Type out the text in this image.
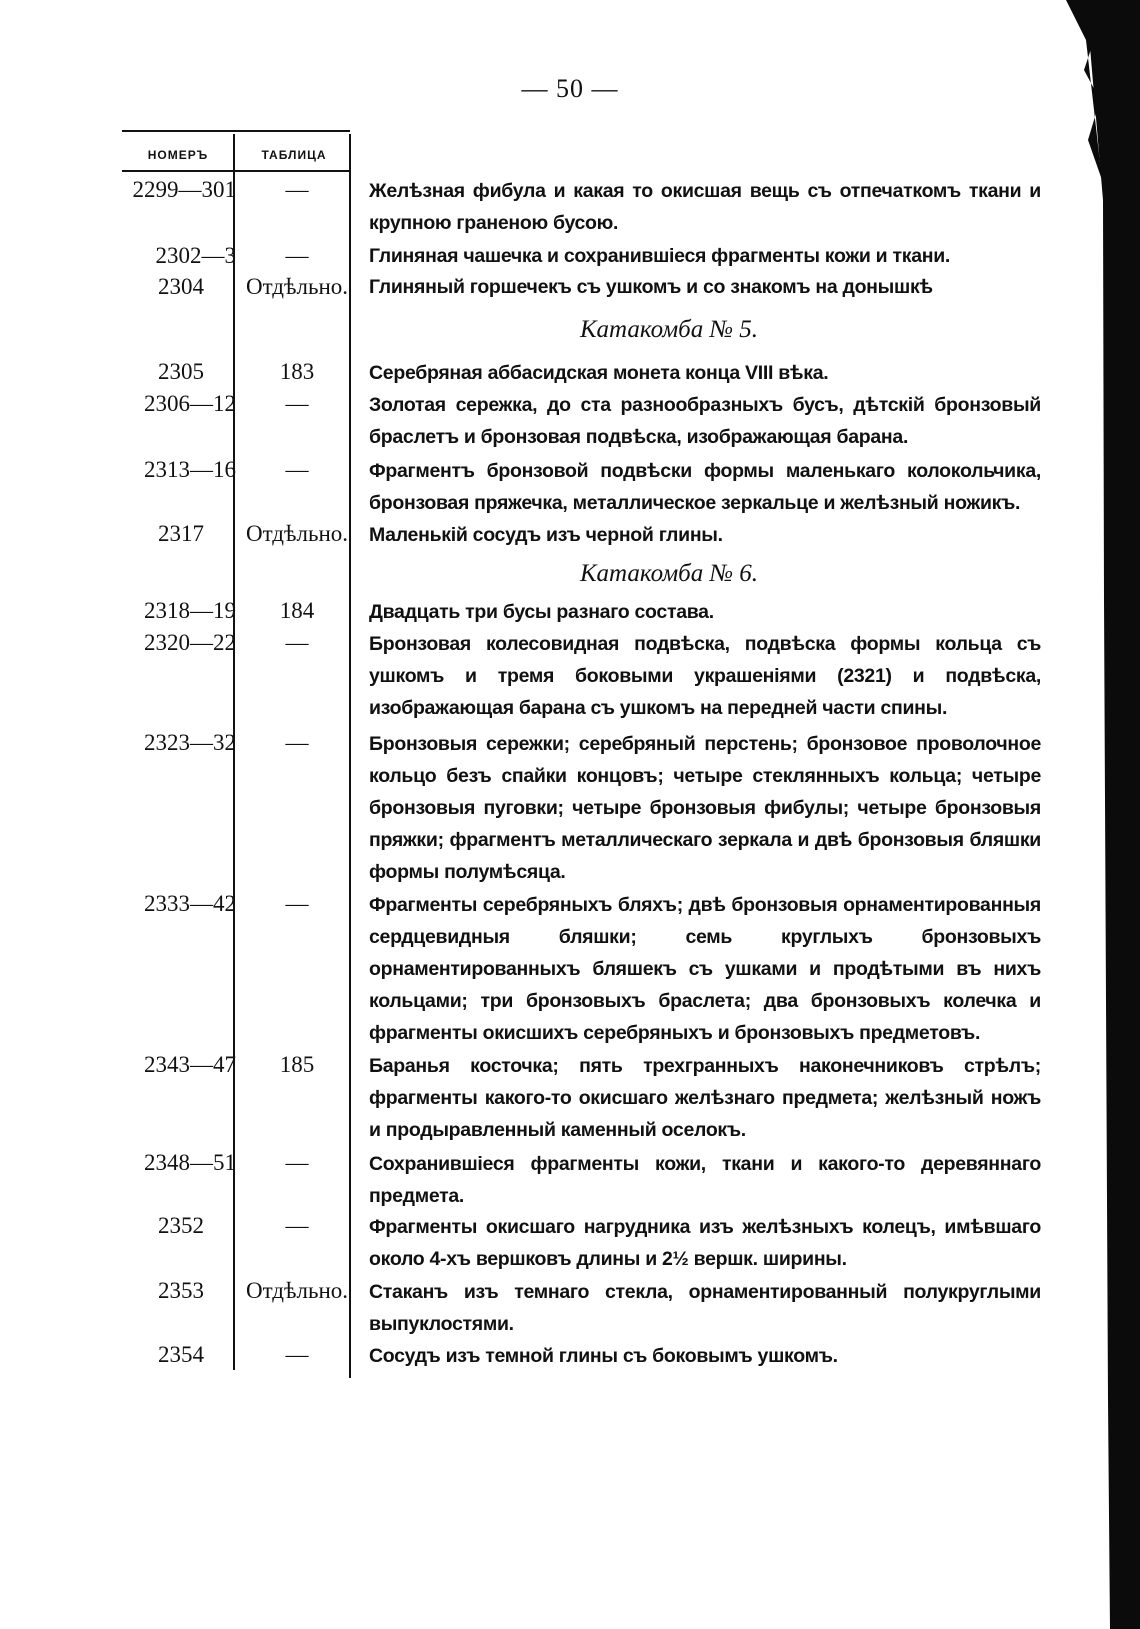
— 50 —
НОМЕРЪ	ТАБЛИЦА
2299—301	—	Желѣзная фибула и какая то окисшая вещь съ отпечаткомъ ткани и крупною граненою бусою.
2302—3	—	Глиняная чашечка и сохранившіеся фрагменты кожи и ткани.
2304	Отдѣльно.	Глиняный горшечекъ съ ушкомъ и со знакомъ на донышкѣ
Катакомба № 5.
2305	183	Серебряная аббасидская монета конца VIII вѣка.
2306—12	—	Золотая сережка, до ста разнообразныхъ бусъ, дѣтскій бронзовый браслетъ и бронзовая подвѣска, изображающая барана.
2313—16	—	Фрагментъ бронзовой подвѣски формы маленькаго колокольчика, бронзовая пряжечка, металлическое зеркальце и желѣзный ножикъ.
2317	Отдѣльно.	Маленькій сосудъ изъ черной глины.
Катакомба № 6.
2318—19	184	Двадцать три бусы разнаго состава.
2320—22	—	Бронзовая колесовидная подвѣска, подвѣска формы кольца съ ушкомъ и тремя боковыми украшеніями (2321) и подвѣска, изображающая барана съ ушкомъ на передней части спины.
2323—32	—	Бронзовыя сережки; серебряный перстень; бронзовое проволочное кольцо безъ спайки концовъ; четыре стеклянныхъ кольца; четыре бронзовыя пуговки; четыре бронзовыя фибулы; четыре бронзовыя пряжки; фрагментъ металлическаго зеркала и двѣ бронзовыя бляшки формы полумѣсяца.
2333—42	—	Фрагменты серебряныхъ бляхъ; двѣ бронзовыя орнаментированныя сердцевидныя бляшки; семь круглыхъ бронзовыхъ орнаментированныхъ бляшекъ съ ушками и продѣтыми въ нихъ кольцами; три бронзовыхъ браслета; два бронзовыхъ колечка и фрагменты окисшихъ серебряныхъ и бронзовыхъ предметовъ.
2343—47	185	Баранья косточка; пять трехгранныхъ наконечниковъ стрѣлъ; фрагменты какого-то окисшаго желѣзнаго предмета; желѣзный ножъ и продыравленный каменный оселокъ.
2348—51	—	Сохранившіеся фрагменты кожи, ткани и какого-то деревяннаго предмета.
2352	—	Фрагменты окисшаго нагрудника изъ желѣзныхъ колецъ, имѣвшаго около 4-хъ вершковъ длины и 2½ вершк. ширины.
2353	Отдѣльно.	Стаканъ изъ темнаго стекла, орнаментированный полукруглыми выпуклостями.
2354	—	Сосудъ изъ темной глины съ боковымъ ушкомъ.
